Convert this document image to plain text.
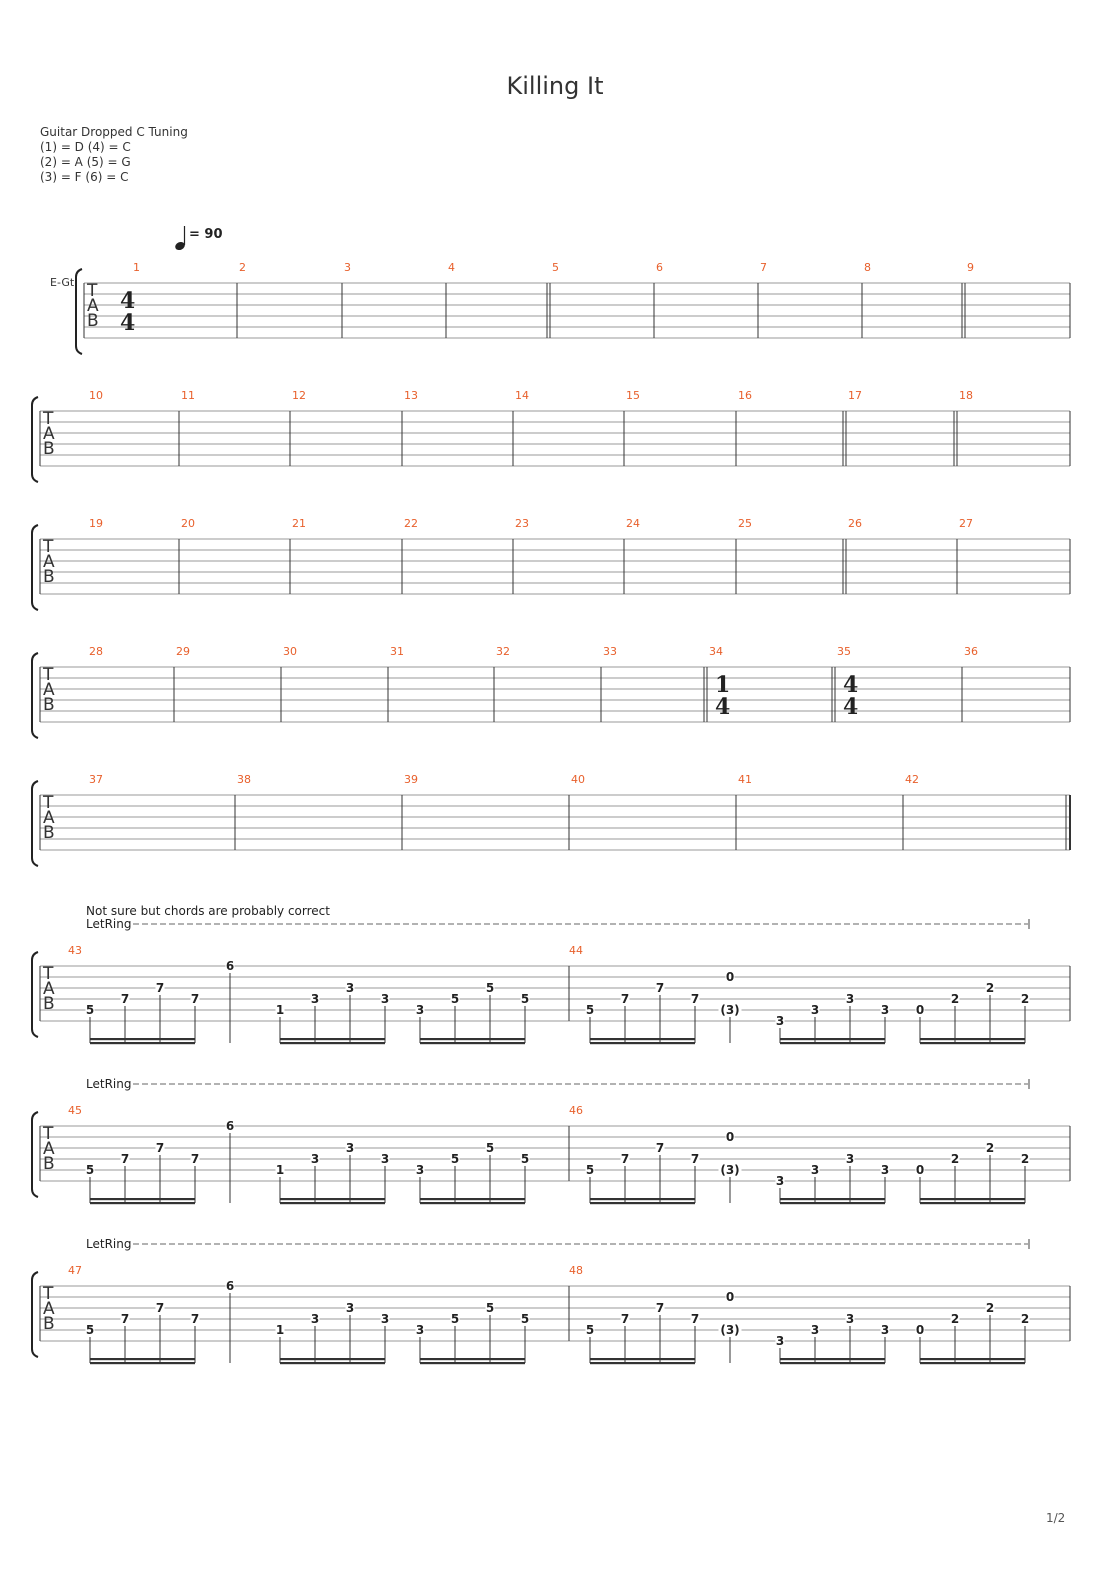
Killing It
Guitar Dropped C Tuning
(1) = D (4) = C
(2) = A (5) = G
(3) = F (6) = C
= 90
E-Gt T
A
B
1
4
4
2	3	4	5	6	7	8	9
T
A
B
10	11	12	13	14	15	16	17	18
T
A
B
19	20	21	22	23	24	25	26	27
T
A
B
28	29	30	31	32	33	34
1
4
35
4
4
36
T
A
B
37	38	39	40	41	42
T
A
B
43	44
Not sure but chords are probably correct
LetRing
5
7
7
7
6
1
3
3
3
3
5
5
5
5
7
7
7
0
(3)
3
3
3
3 0
2
2
2
T
A
B
45	46
LetRing
5
7
7
7
6
1
3
3
3
3
5
5
5
5
7
7
7
0
(3)
3
3
3
3 0
2
2
2
T
A
B
47	48
LetRing
5
7
7
7
6
1
3
3
3
3
5
5
5
5
7
7
7
0
(3)
3
3
3
3 0
2
2
2
1/2
